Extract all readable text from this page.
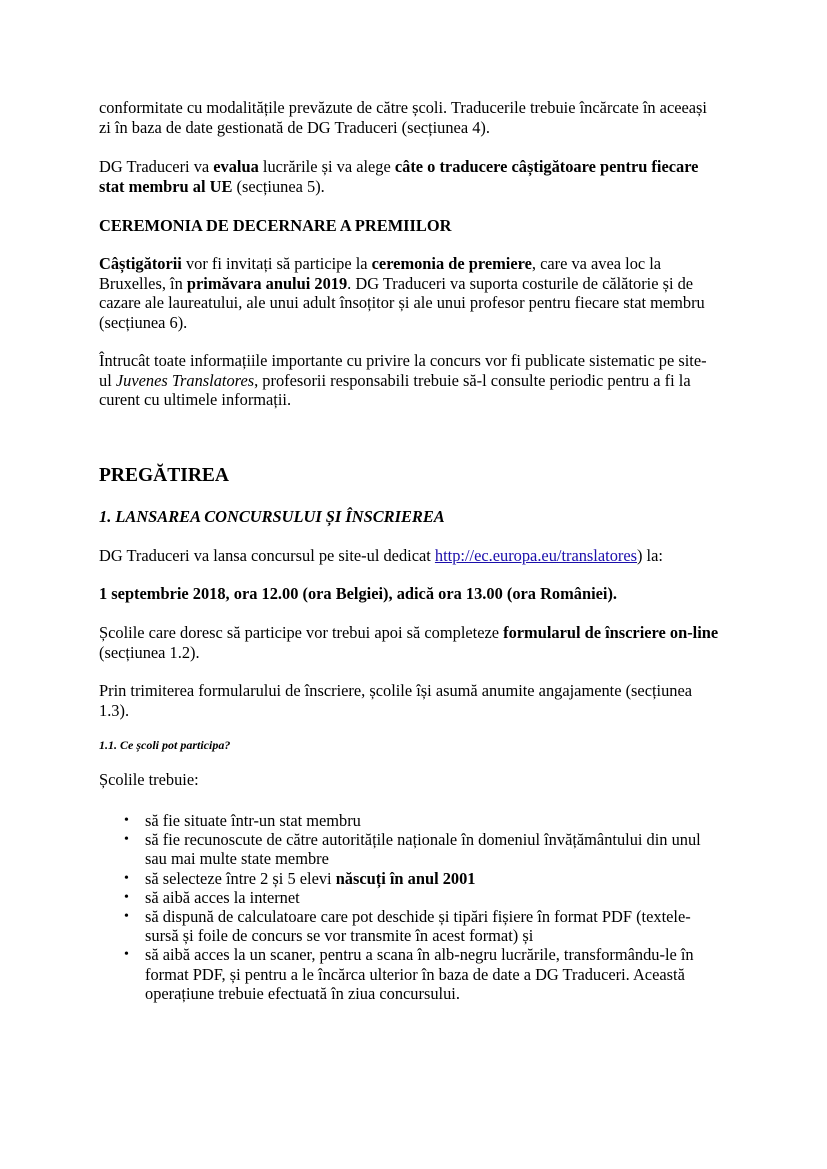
conformitate cu modalitățile prevăzute de către școli. Traducerile trebuie încărcate în aceeași
zi în baza de date gestionată de DG Traduceri (secțiunea 4).
DG Traduceri va evalua lucrările și va alege câte o traducere câștigătoare pentru fiecare
stat membru al UE (secțiunea 5).
CEREMONIA DE DECERNARE A PREMIILOR
Câștigătorii vor fi invitați să participe la ceremonia de premiere, care va avea loc la
Bruxelles, în primăvara anului 2019. DG Traduceri va suporta costurile de călătorie și de
cazare ale laureatului, ale unui adult însoțitor și ale unui profesor pentru fiecare stat membru
(secțiunea 6).
Întrucât toate informațiile importante cu privire la concurs vor fi publicate sistematic pe site-
ul Juvenes Translatores, profesorii responsabili trebuie să-l consulte periodic pentru a fi la
curent cu ultimele informații.
PREGĂTIREA
1. LANSAREA CONCURSULUI ȘI ÎNSCRIEREA
DG Traduceri va lansa concursul pe site-ul dedicat http://ec.europa.eu/translatores) la:
1 septembrie 2018, ora 12.00 (ora Belgiei), adică ora 13.00 (ora României).
Școlile care doresc să participe vor trebui apoi să completeze formularul de înscriere on-line
(secțiunea 1.2).
Prin trimiterea formularului de înscriere, școlile își asumă anumite angajamente (secțiunea
1.3).
1.1. Ce școli pot participa?
Școlile trebuie:
• să fie situate într-un stat membru
• să fie recunoscute de către autoritățile naționale în domeniul învățământului din unul
sau mai multe state membre
• să selecteze între 2 și 5 elevi născuți în anul 2001
• să aibă acces la internet
• să dispună de calculatoare care pot deschide și tipări fișiere în format PDF (textele-
sursă și foile de concurs se vor transmite în acest format) și
• să aibă acces la un scaner, pentru a scana în alb-negru lucrările, transformându-le în
format PDF, și pentru a le încărca ulterior în baza de date a DG Traduceri. Această
operațiune trebuie efectuată în ziua concursului.
